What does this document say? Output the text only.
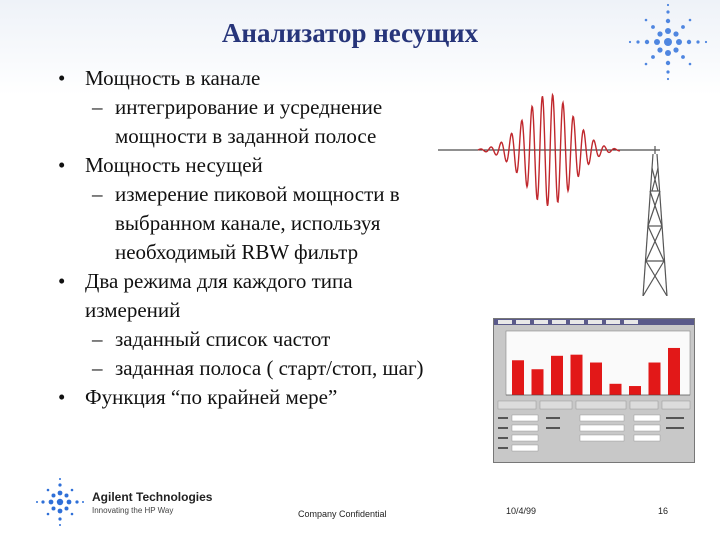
Анализатор несущих
• Мощность в канале
– интегрирование и усреднение
мощности в заданной полосе
• Мощность несущей
– измерение пиковой мощности в
выбранном канале, используя
необходимый RBW фильтр
• Два режима для каждого типа
измерений
– заданный список частот
– заданная полоса ( старт/стоп, шаг)
• Функция “по крайней мере”
Agilent Technologies
Innovating the HP Way	Company Confidential	10/4/99	16
